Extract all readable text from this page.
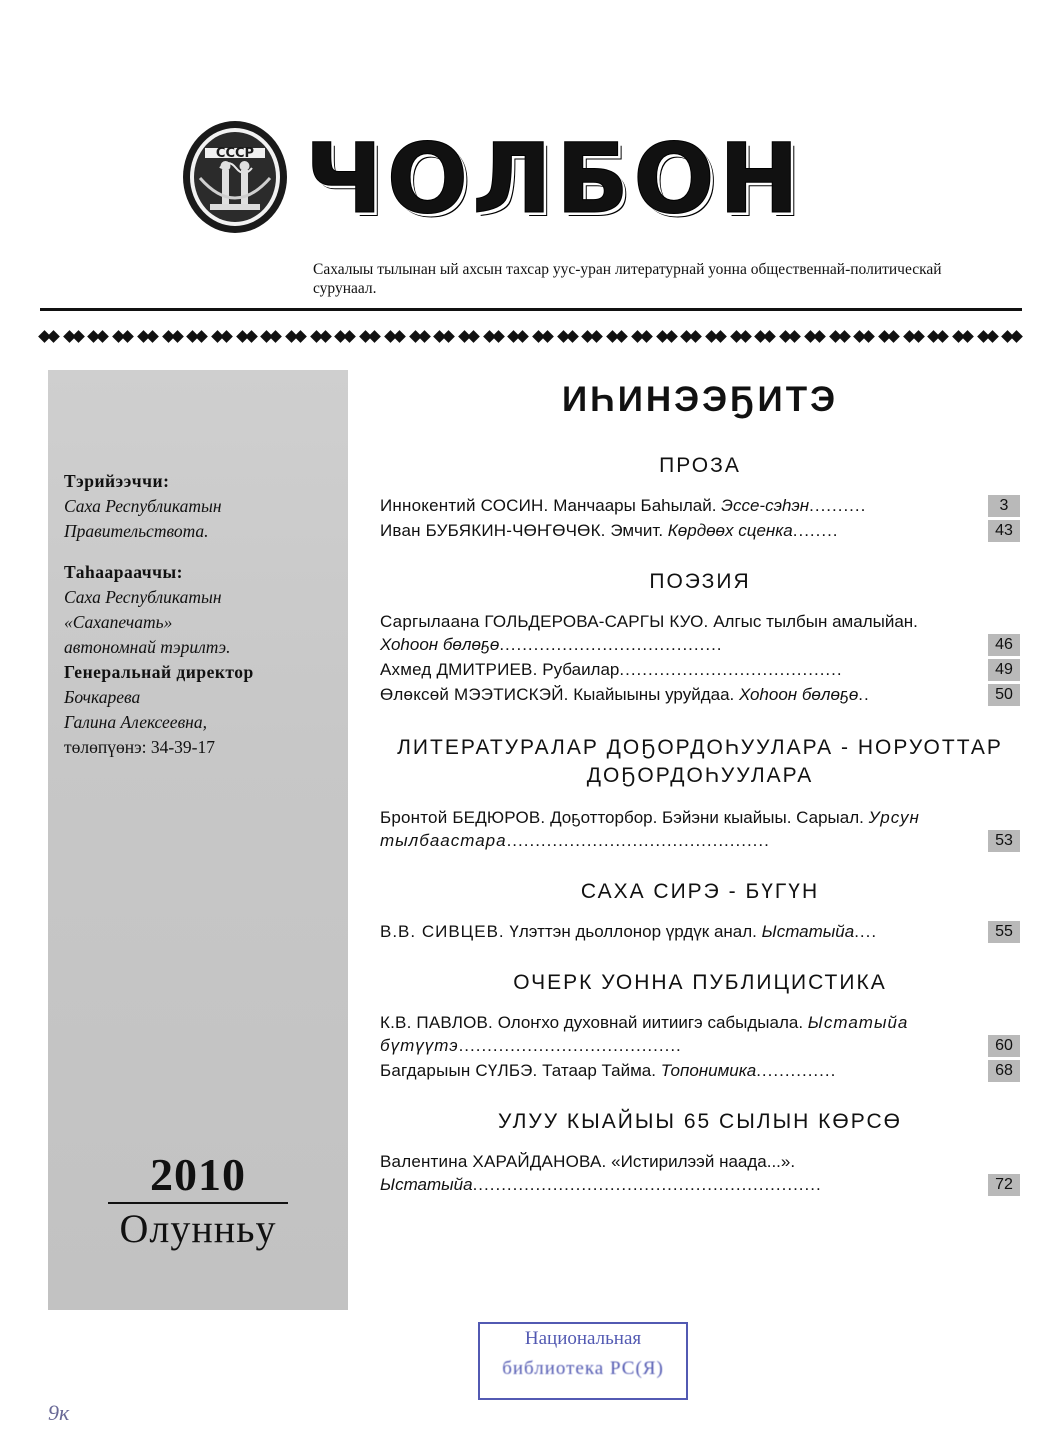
СССР ЧОЛБОН
Сахалыы тылынан ый ахсын тахсар уус-уран литературнай уонна общественнай-политическай сурунаал.

Тэрийээччи:

Саха Республикатын

Правительствота.

Таһаарааччы:

Саха Республикатын

«Сахапечать»

автономнай тэрилтэ.

Генеральнай директор

Бочкарева

Галина Алексеевна,

төлөпүөнэ: 34-39-17

2010
Олунньу
9к
ИҺИНЭЭҔИТЭ
ПРОЗА
Иннокентий СОСИН. Манчаары Баһылай. Эссе-сэһэн..........	3
Иван БУБЯКИН-ЧӨҤӨЧӨК. Эмчит. Көрдөөх сценка........	43
ПОЭЗИЯ
Саргылаана ГОЛЬДЕРОВА-САРГЫ КУО. Алгыс тылбын амалыйан. Хоһоон бөлөҕө.......................................	46
Ахмед ДМИТРИЕВ. Рубаилар.......................................	49
Өлөксөй МЭЭТИСКЭЙ. Кыайыыны уруйдаа. Хоһоон бөлөҕө..	50
ЛИТЕРАТУРАЛАР ДОҔОРДОҺУУЛАРА - НОРУОТТАР ДОҔОРДОҺУУЛАРА
Бронтой БЕДЮРОВ. Доҕотторбор. Бэйэни кыайыы. Сарыал. Урсун тылбаастара..............................................	53
САХА СИРЭ - БҮГҮН
В.В. СИВЦЕВ. Үлэттэн дьоллонор үрдүк анал. Ыстатыйа....	55
ОЧЕРК УОННА ПУБЛИЦИСТИКА
К.В. ПАВЛОВ. Олоҥхо духовнай иитиигэ сабыдыала. Ыстатыйа бүтүүтэ.......................................	60
Багдарыын СҮЛБЭ. Татаар Тайма. Топонимика..............	68
УЛУУ КЫАЙЫЫ 65 СЫЛЫН КӨРСӨ
Валентина ХАРАЙДАНОВА. «Истирилээй наада...». Ыстатыйа.............................................................	72
Национальная
библиотека РС(Я)
